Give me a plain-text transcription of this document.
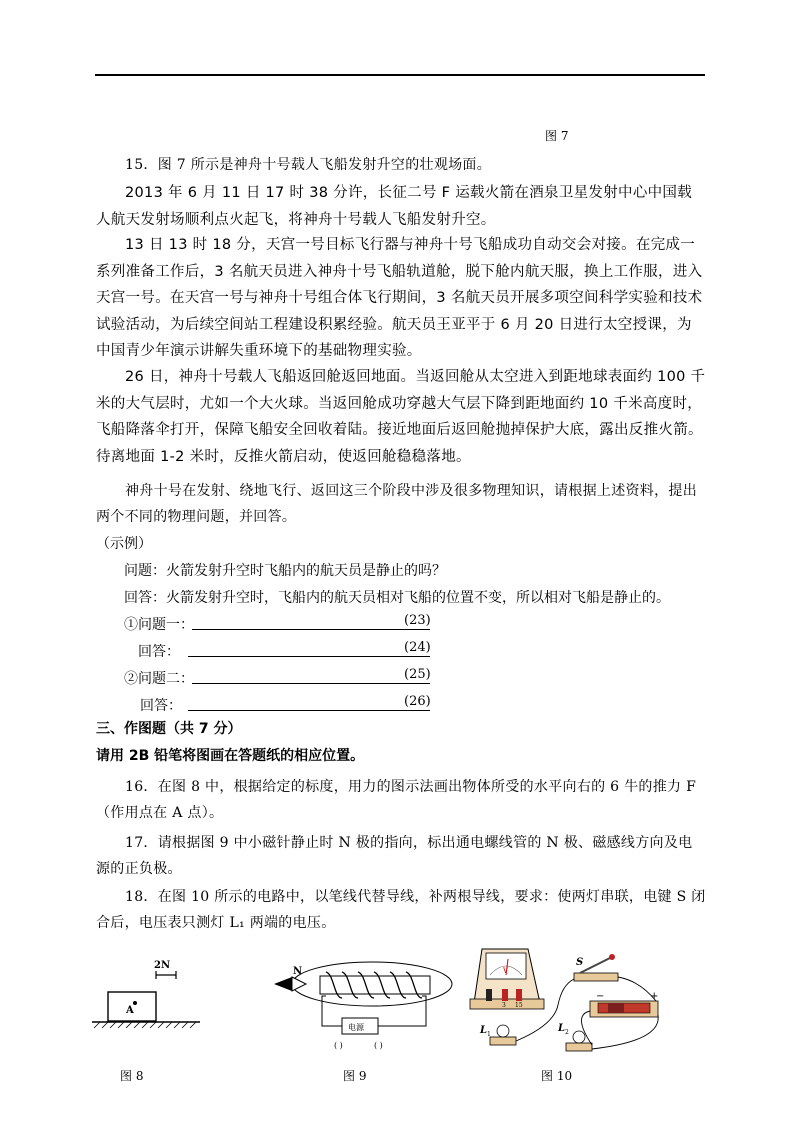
图 7

15．图 7 所示是神舟十号载人飞船发射升空的壮观场面。

2013 年 6 月 11 日 17 时 38 分许，长征二号 F 运载火箭在酒泉卫星发射中心中国载人航天发射场顺利点火起飞，将神舟十号载人飞船发射升空。

13 日 13 时 18 分，天宫一号目标飞行器与神舟十号飞船成功自动交会对接。在完成一系列准备工作后，3 名航天员进入神舟十号飞船轨道舱，脱下舱内航天服，换上工作服，进入天宫一号。在天宫一号与神舟十号组合体飞行期间，3 名航天员开展多项空间科学实验和技术试验活动，为后续空间站工程建设积累经验。航天员王亚平于 6 月 20 日进行太空授课，为中国青少年演示讲解失重环境下的基础物理实验。

26 日，神舟十号载人飞船返回舱返回地面。当返回舱从太空进入到距地球表面约 100 千米的大气层时，尤如一个大火球。当返回舱成功穿越大气层下降到距地面约 10 千米高度时，飞船降落伞打开，保障飞船安全回收着陆。接近地面后返回舱抛掉保护大底，露出反推火箭。待离地面 1-2 米时，反推火箭启动，使返回舱稳稳落地。

神舟十号在发射、绕地飞行、返回这三个阶段中涉及很多物理知识，请根据上述资料，提出两个不同的物理问题，并回答。

（示例）
问题：火箭发射升空时飞船内的航天员是静止的吗？
回答：火箭发射升空时，飞船内的航天员相对飞船的位置不变，所以相对飞船是静止的。
①问题一：	(23)
回答：	(24)
②问题二：	(25)
回答：	(26)
三、作图题（共 7 分）
请用 2B 铅笔将图画在答题纸的相应位置。

16．在图 8 中，根据给定的标度，用力的图示法画出物体所受的水平向右的 6 牛的推力 F（作用点在 A 点）。

17．请根据图 9 中小磁针静止时 N 极的指向，标出通电螺线管的 N 极、磁感线方向及电源的正负极。

18．在图 10 所示的电路中，以笔线代替导线，补两根导线，要求：使两灯串联，电键 S 闭合后，电压表只测灯 L₁ 两端的电压。

2N
A
图 8
N
电源
( )	( )
图 9
V
3 15
S
−	+
L 1
L 2
图 10
